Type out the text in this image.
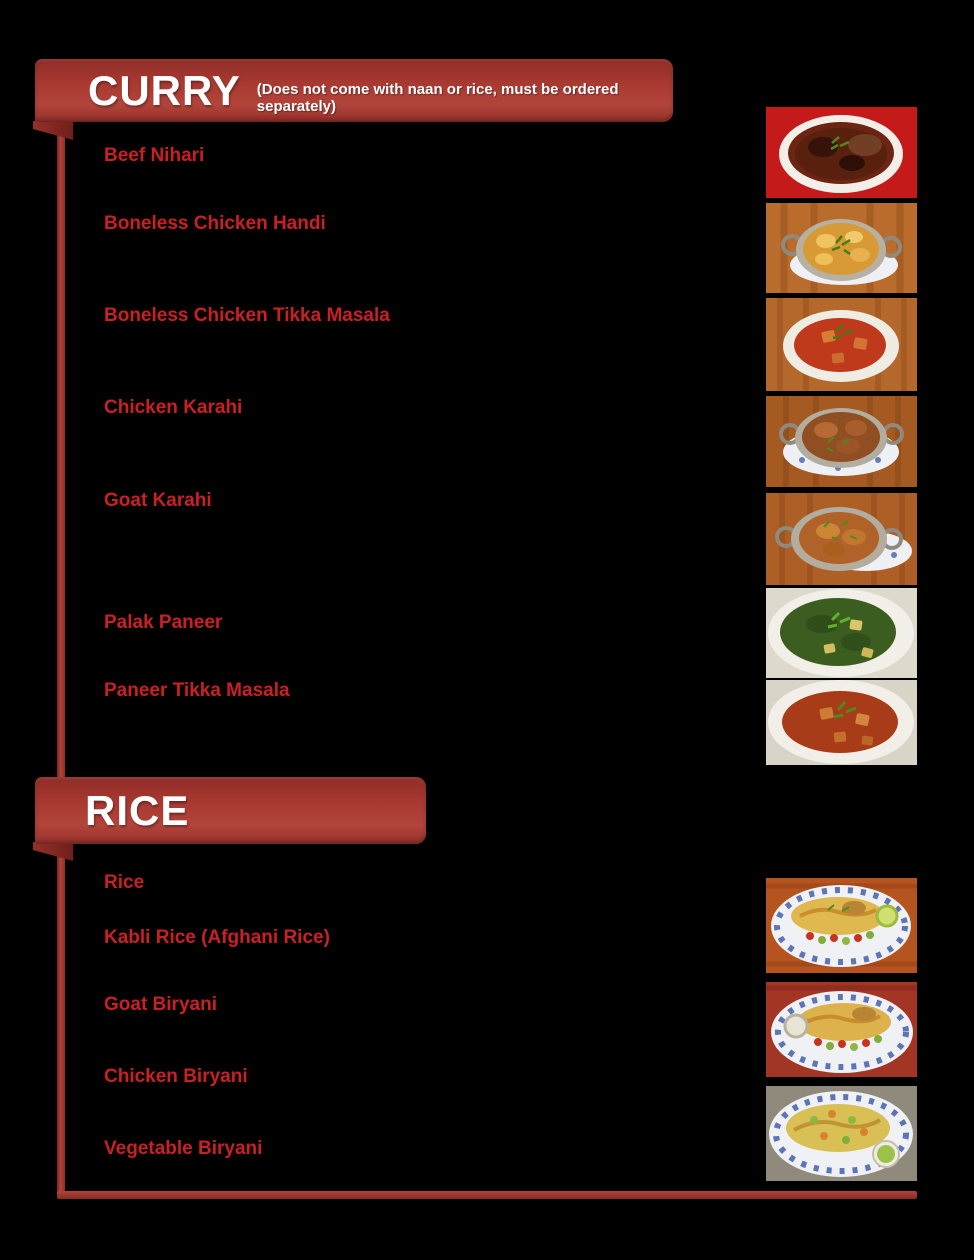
CURRY (Does not come with naan or rice, must be ordered separately)
Beef Nihari
Boneless Chicken Handi
Boneless Chicken Tikka Masala
Chicken Karahi
Goat Karahi
Palak Paneer
Paneer Tikka Masala
RICE
Rice
Kabli Rice (Afghani Rice)
Goat Biryani
Chicken Biryani
Vegetable Biryani
